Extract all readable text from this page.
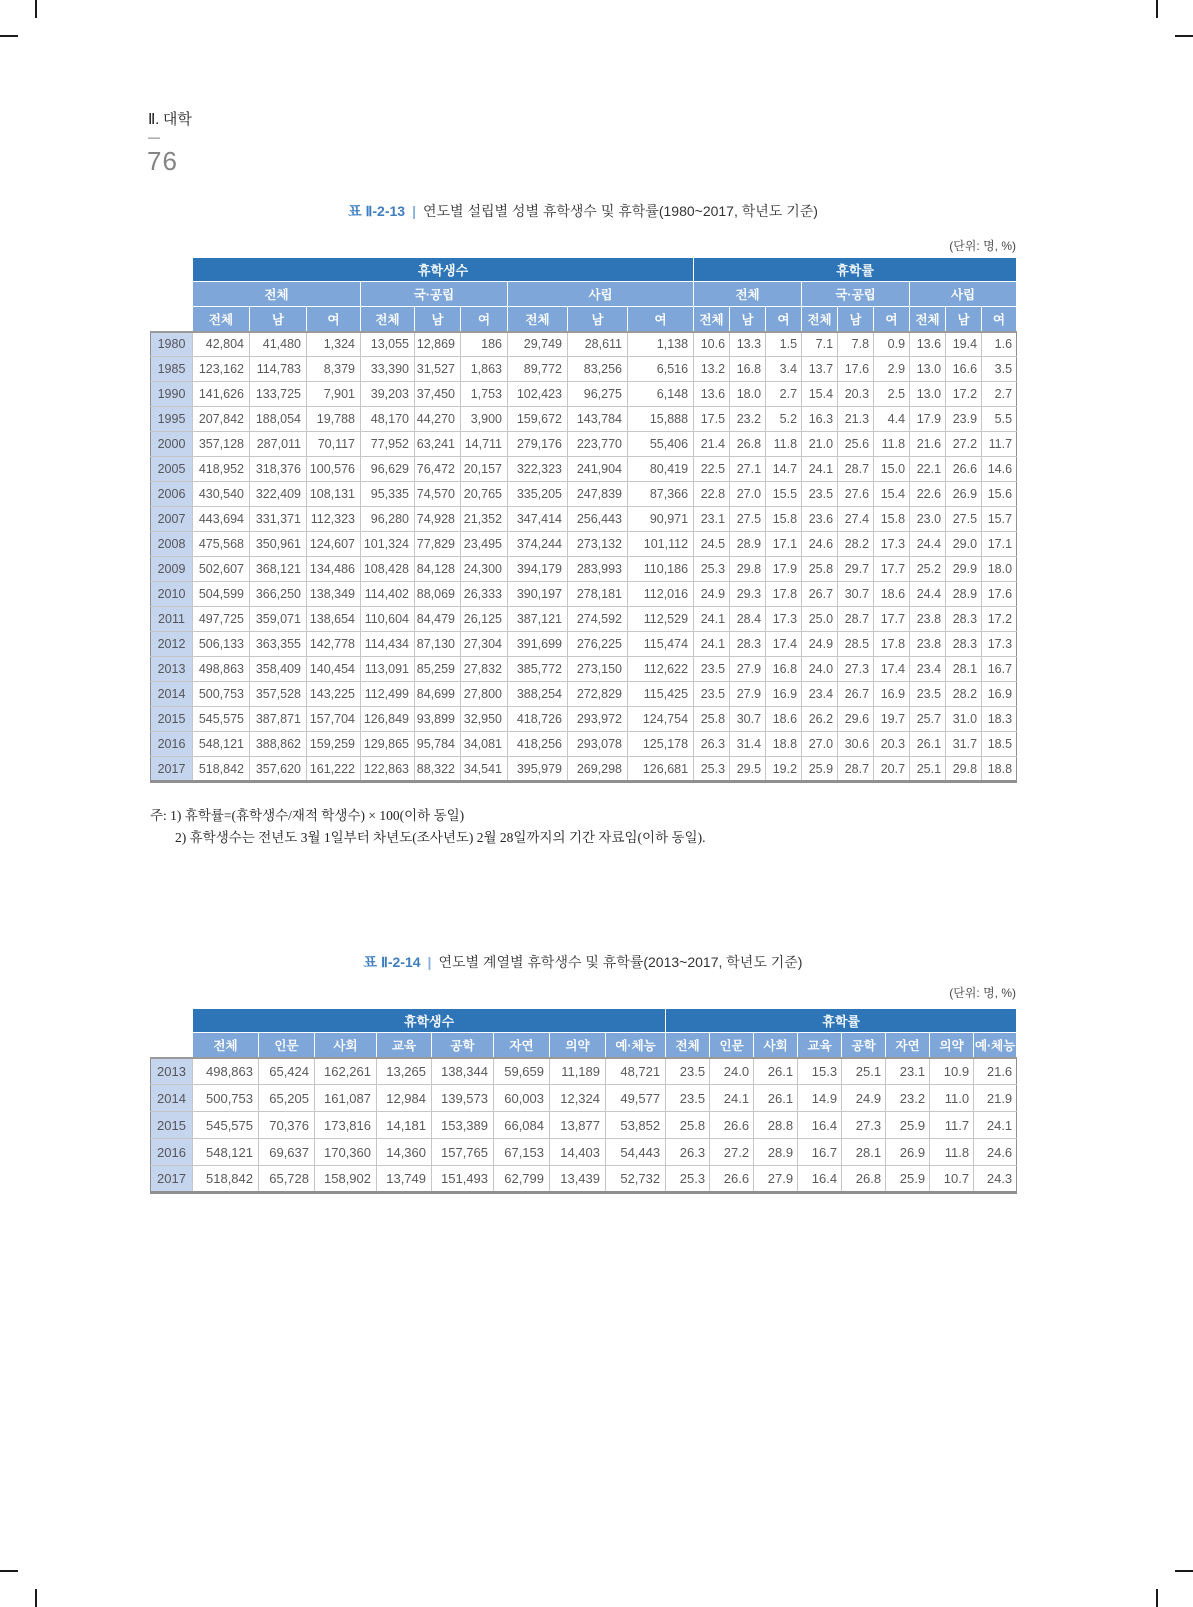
Ⅱ. 대학
—
76
표 Ⅱ-2-13 | 연도별 설립별 성별 휴학생수 및 휴학률(1980~2017, 학년도 기준)
(단위: 명, %)
	휴학생수									휴학률								
	전체			국·공립			사립			전체			국·공립			사립		
	전체	남	여	전체	남	여	전체	남	여	전체	남	여	전체	남	여	전체	남	여
1980	42,804	41,480	1,324	13,055	12,869	186	29,749	28,611	1,138	10.6	13.3	1.5	7.1	7.8	0.9	13.6	19.4	1.6
1985	123,162	114,783	8,379	33,390	31,527	1,863	89,772	83,256	6,516	13.2	16.8	3.4	13.7	17.6	2.9	13.0	16.6	3.5
1990	141,626	133,725	7,901	39,203	37,450	1,753	102,423	96,275	6,148	13.6	18.0	2.7	15.4	20.3	2.5	13.0	17.2	2.7
1995	207,842	188,054	19,788	48,170	44,270	3,900	159,672	143,784	15,888	17.5	23.2	5.2	16.3	21.3	4.4	17.9	23.9	5.5
2000	357,128	287,011	70,117	77,952	63,241	14,711	279,176	223,770	55,406	21.4	26.8	11.8	21.0	25.6	11.8	21.6	27.2	11.7
2005	418,952	318,376	100,576	96,629	76,472	20,157	322,323	241,904	80,419	22.5	27.1	14.7	24.1	28.7	15.0	22.1	26.6	14.6
2006	430,540	322,409	108,131	95,335	74,570	20,765	335,205	247,839	87,366	22.8	27.0	15.5	23.5	27.6	15.4	22.6	26.9	15.6
2007	443,694	331,371	112,323	96,280	74,928	21,352	347,414	256,443	90,971	23.1	27.5	15.8	23.6	27.4	15.8	23.0	27.5	15.7
2008	475,568	350,961	124,607	101,324	77,829	23,495	374,244	273,132	101,112	24.5	28.9	17.1	24.6	28.2	17.3	24.4	29.0	17.1
2009	502,607	368,121	134,486	108,428	84,128	24,300	394,179	283,993	110,186	25.3	29.8	17.9	25.8	29.7	17.7	25.2	29.9	18.0
2010	504,599	366,250	138,349	114,402	88,069	26,333	390,197	278,181	112,016	24.9	29.3	17.8	26.7	30.7	18.6	24.4	28.9	17.6
2011	497,725	359,071	138,654	110,604	84,479	26,125	387,121	274,592	112,529	24.1	28.4	17.3	25.0	28.7	17.7	23.8	28.3	17.2
2012	506,133	363,355	142,778	114,434	87,130	27,304	391,699	276,225	115,474	24.1	28.3	17.4	24.9	28.5	17.8	23.8	28.3	17.3
2013	498,863	358,409	140,454	113,091	85,259	27,832	385,772	273,150	112,622	23.5	27.9	16.8	24.0	27.3	17.4	23.4	28.1	16.7
2014	500,753	357,528	143,225	112,499	84,699	27,800	388,254	272,829	115,425	23.5	27.9	16.9	23.4	26.7	16.9	23.5	28.2	16.9
2015	545,575	387,871	157,704	126,849	93,899	32,950	418,726	293,972	124,754	25.8	30.7	18.6	26.2	29.6	19.7	25.7	31.0	18.3
2016	548,121	388,862	159,259	129,865	95,784	34,081	418,256	293,078	125,178	26.3	31.4	18.8	27.0	30.6	20.3	26.1	31.7	18.5
2017	518,842	357,620	161,222	122,863	88,322	34,541	395,979	269,298	126,681	25.3	29.5	19.2	25.9	28.7	20.7	25.1	29.8	18.8
주: 1) 휴학률=(휴학생수/재적 학생수) × 100(이하 동일)
2) 휴학생수는 전년도 3월 1일부터 차년도(조사년도) 2월 28일까지의 기간 자료임(이하 동일).
표 Ⅱ-2-14 | 연도별 계열별 휴학생수 및 휴학률(2013~2017, 학년도 기준)
(단위: 명, %)
	휴학생수								휴학률							
	전체	인문	사회	교육	공학	자연	의약	예·체능	전체	인문	사회	교육	공학	자연	의약	예·체능
2013	498,863	65,424	162,261	13,265	138,344	59,659	11,189	48,721	23.5	24.0	26.1	15.3	25.1	23.1	10.9	21.6
2014	500,753	65,205	161,087	12,984	139,573	60,003	12,324	49,577	23.5	24.1	26.1	14.9	24.9	23.2	11.0	21.9
2015	545,575	70,376	173,816	14,181	153,389	66,084	13,877	53,852	25.8	26.6	28.8	16.4	27.3	25.9	11.7	24.1
2016	548,121	69,637	170,360	14,360	157,765	67,153	14,403	54,443	26.3	27.2	28.9	16.7	28.1	26.9	11.8	24.6
2017	518,842	65,728	158,902	13,749	151,493	62,799	13,439	52,732	25.3	26.6	27.9	16.4	26.8	25.9	10.7	24.3
